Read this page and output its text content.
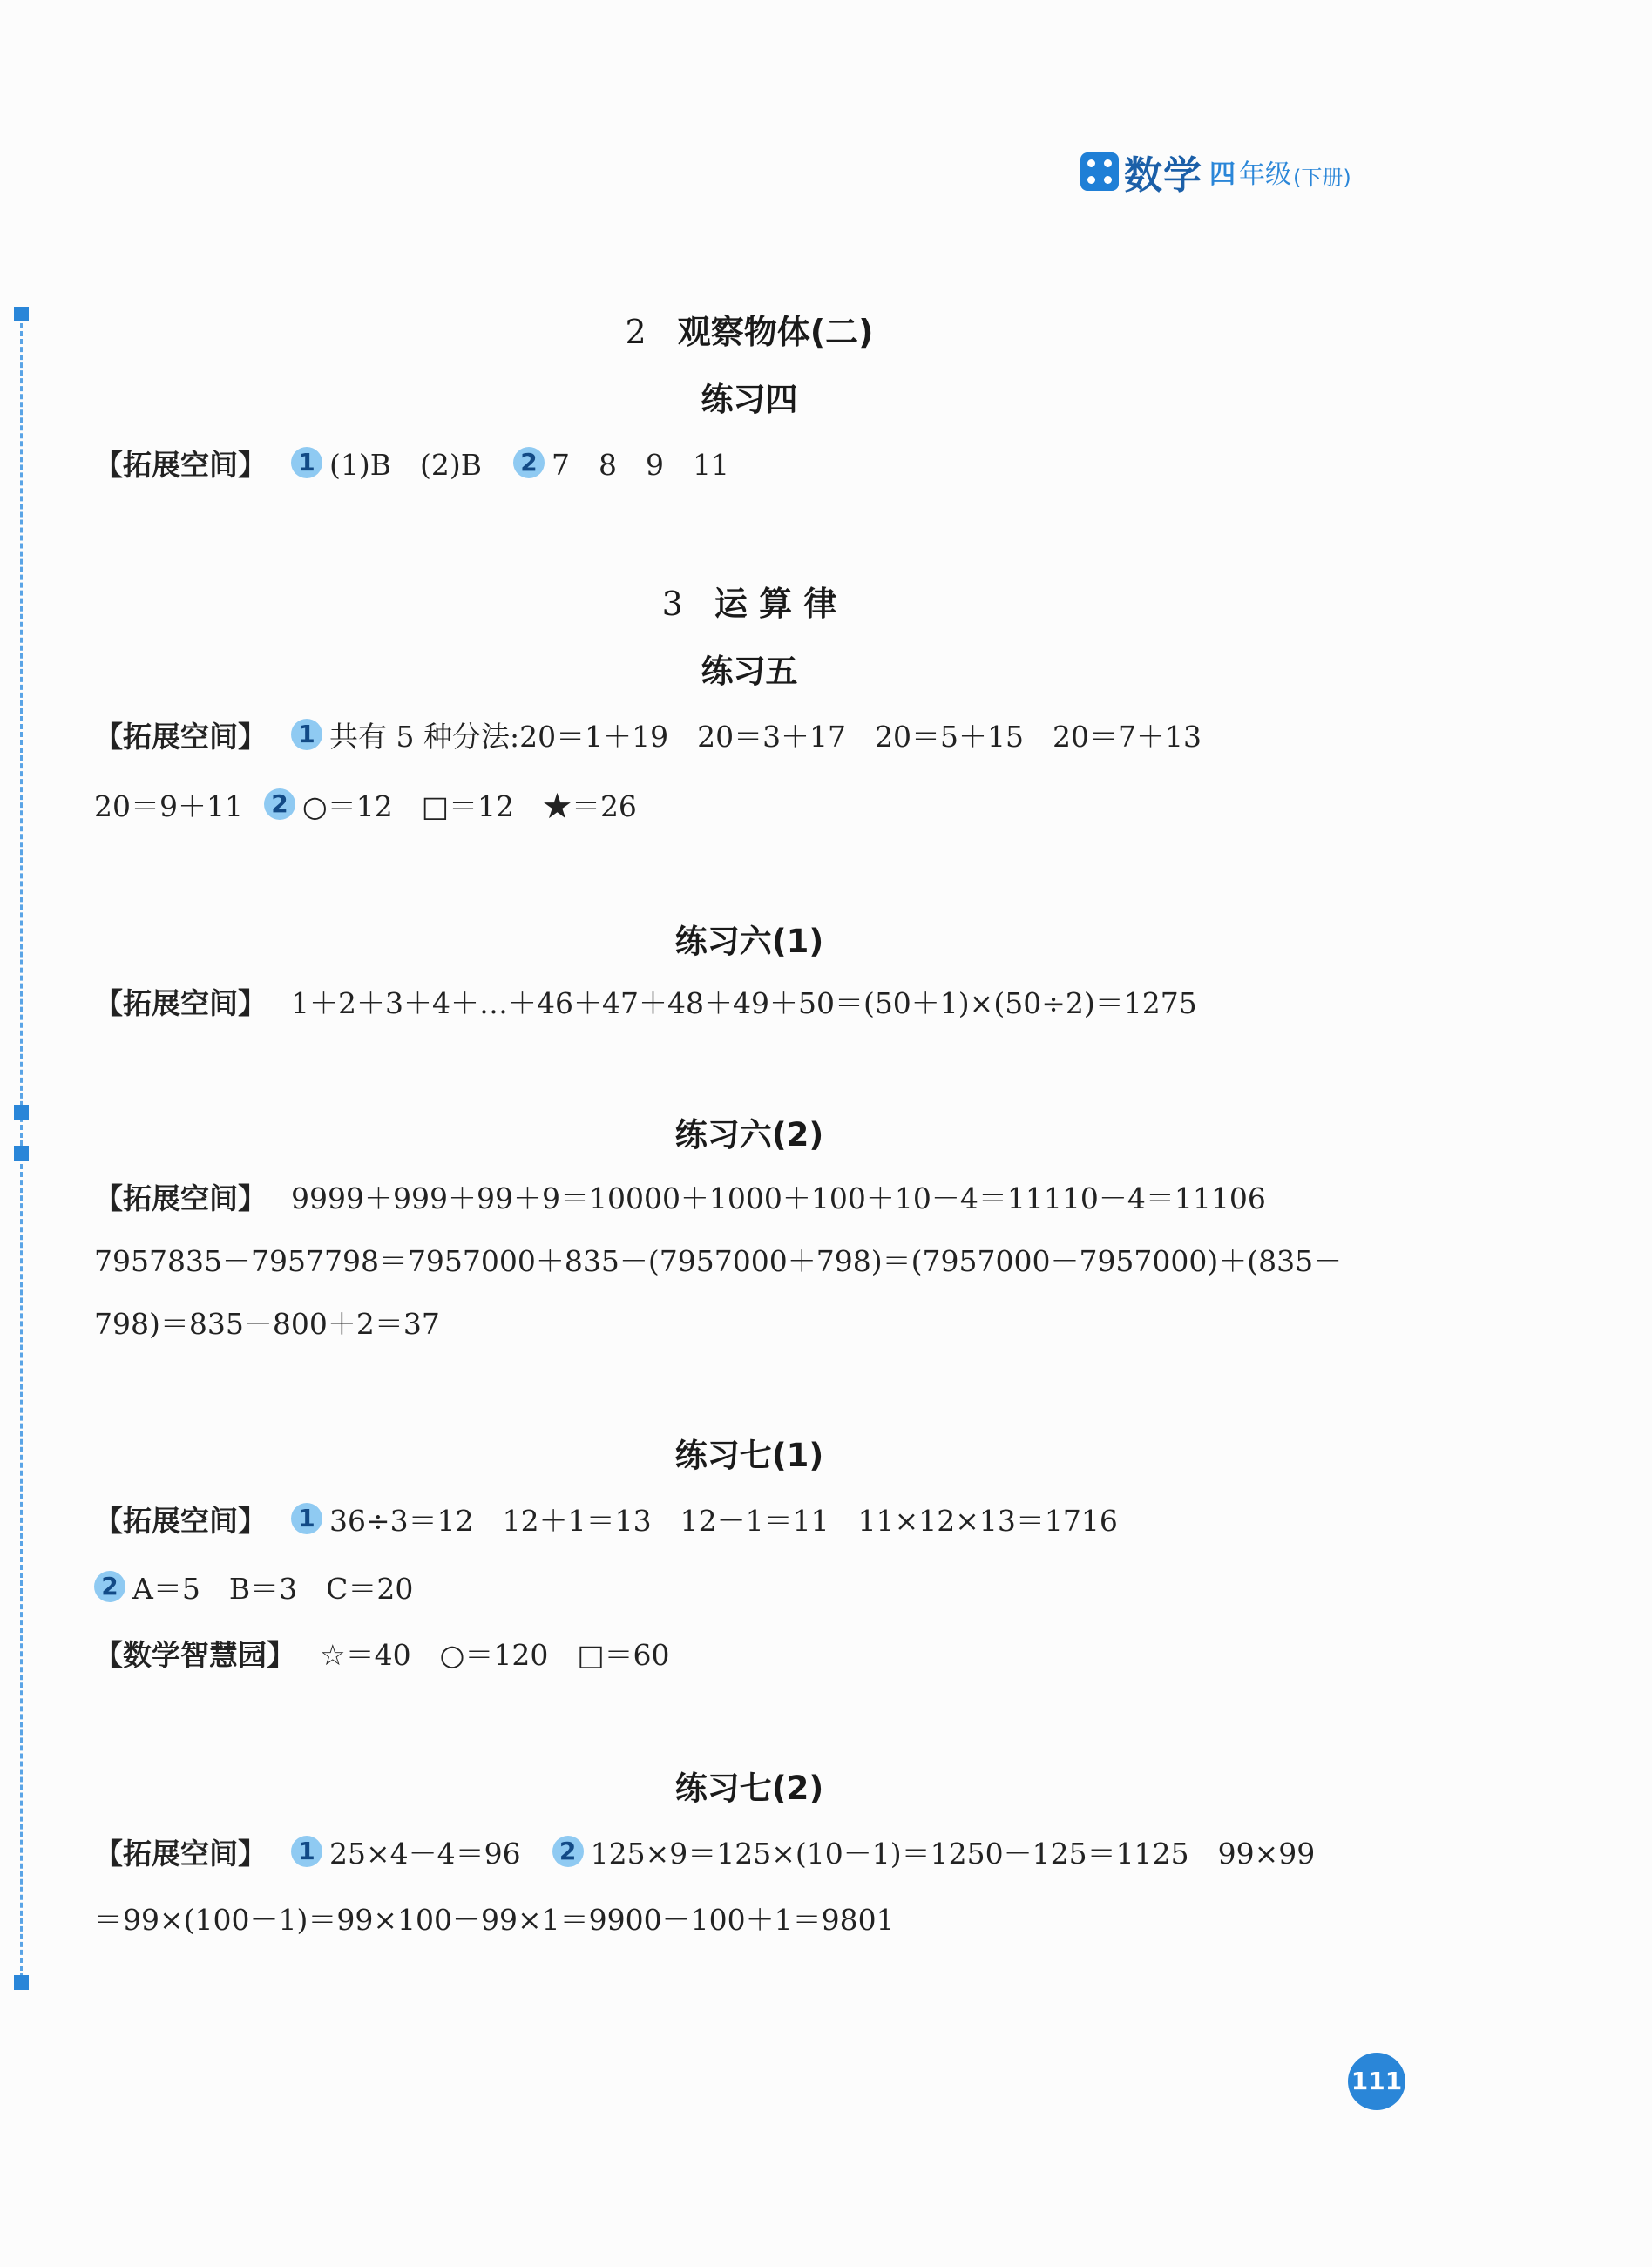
数学 四 年级 (下册)
2 观察物体(二)
练习四
【拓展空间】 1 (1)B　(2)B 2 7　8　9　11
3 运 算 律
练习五
【拓展空间】 1 共有 5 种分法:20＝1＋19　20＝3＋17　20＝5＋15　20＝7＋13
20＝9＋11 2 ○＝12　□＝12　★＝26
练习六(1)
【拓展空间】 1＋2＋3＋4＋…＋46＋47＋48＋49＋50＝(50＋1)×(50÷2)＝1275
练习六(2)
【拓展空间】 9999＋999＋99＋9＝10000＋1000＋100＋10－4＝11110－4＝11106
7957835－7957798＝7957000＋835－(7957000＋798)＝(7957000－7957000)＋(835－
798)＝835－800＋2＝37
练习七(1)
【拓展空间】 1 36÷3＝12　12＋1＝13　12－1＝11　11×12×13＝1716
2 A＝5　B＝3　C＝20
【数学智慧园】 ☆＝40　○＝120　□＝60
练习七(2)
【拓展空间】 1 25×4－4＝96 2 125×9＝125×(10－1)＝1250－125＝1125　99×99
＝99×(100－1)＝99×100－99×1＝9900－100＋1＝9801
111
